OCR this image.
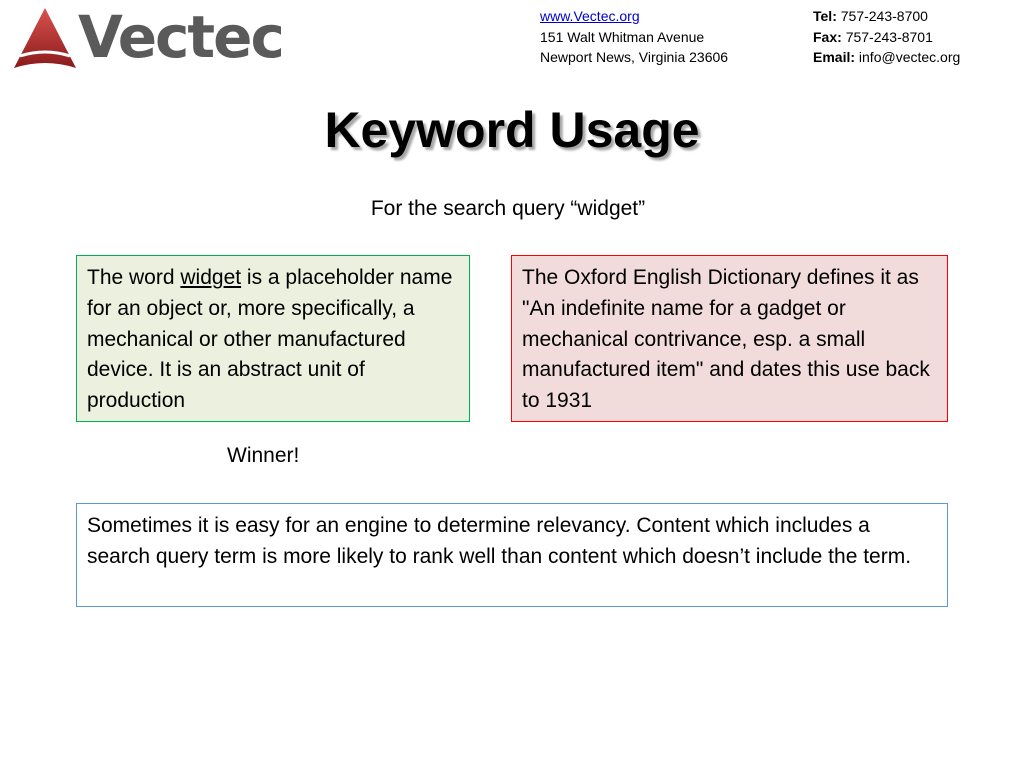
Vectec	www.Vectec.org
151 Walt Whitman Avenue
Newport News, Virginia 23606
Tel: 757-243-8700
Fax: 757-243-8701
Email: info@vectec.org
Keyword Usage
For the search query “widget”
The word widget is a placeholder name for an object or, more specifically, a mechanical or other manufactured device. It is an abstract unit of production
The Oxford English Dictionary defines it as "An indefinite name for a gadget or mechanical contrivance, esp. a small manufactured item" and dates this use back to 1931
Winner!
Sometimes it is easy for an engine to determine relevancy. Content which includes a search query term is more likely to rank well than content which doesn’t include the term.
